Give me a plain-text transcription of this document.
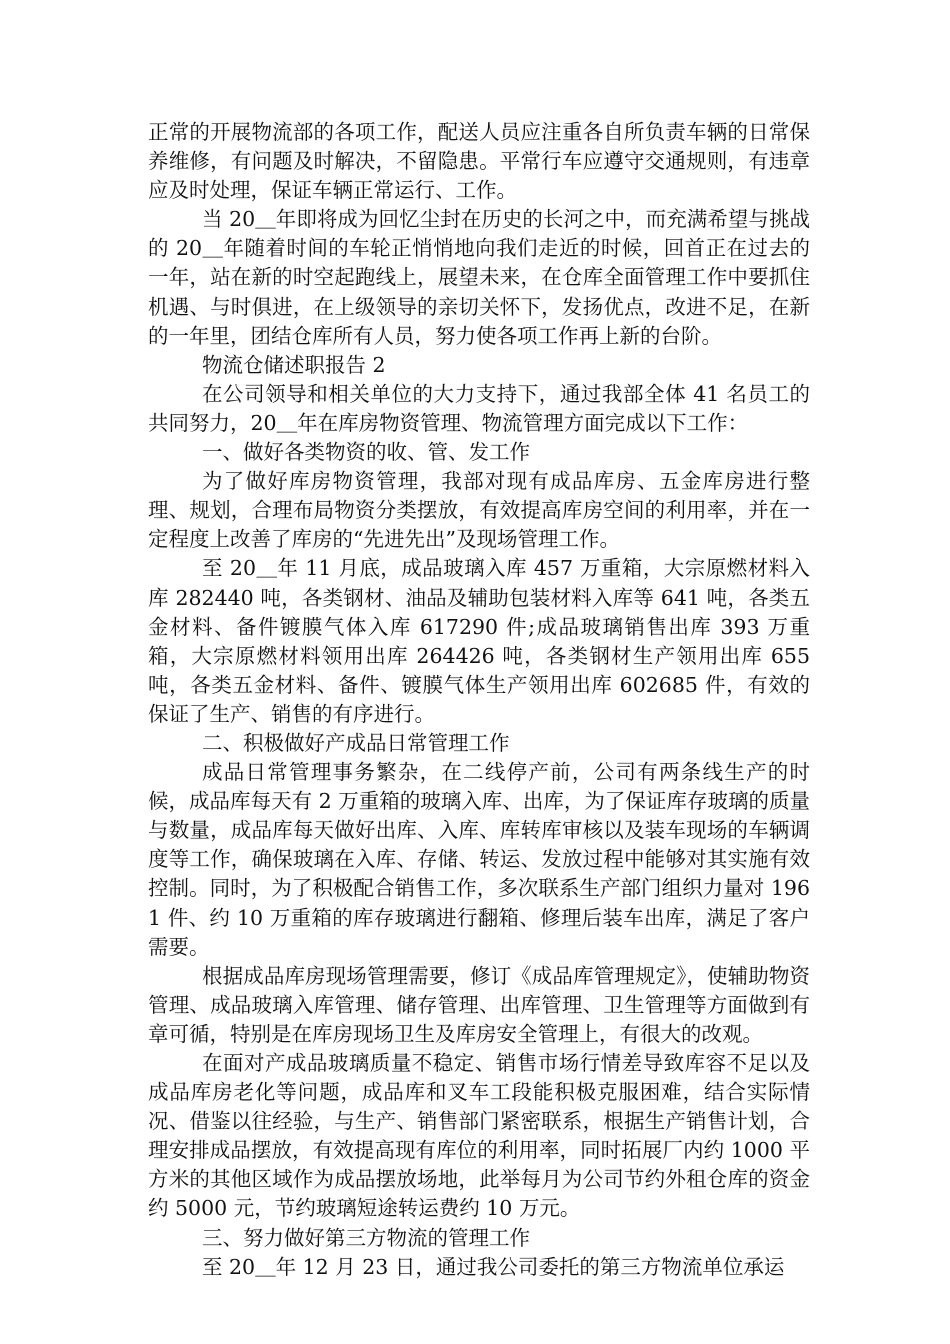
正常的开展物流部的各项工作，配送人员应注重各自所负责车辆的日常保养维修，有问题及时解决，不留隐患。平常行车应遵守交通规则，有违章应及时处理，保证车辆正常运行、工作。

当 20＿年即将成为回忆尘封在历史的长河之中，而充满希望与挑战的 20＿年随着时间的车轮正悄悄地向我们走近的时候，回首正在过去的一年，站在新的时空起跑线上，展望未来，在仓库全面管理工作中要抓住机遇、与时俱进，在上级领导的亲切关怀下，发扬优点，改进不足，在新的一年里，团结仓库所有人员，努力使各项工作再上新的台阶。

物流仓储述职报告 2

在公司领导和相关单位的大力支持下，通过我部全体 41 名员工的共同努力，20＿年在库房物资管理、物流管理方面完成以下工作：

一、做好各类物资的收、管、发工作

为了做好库房物资管理，我部对现有成品库房、五金库房进行整理、规划，合理布局物资分类摆放，有效提高库房空间的利用率，并在一定程度上改善了库房的“先进先出”及现场管理工作。

至 20＿年 11 月底，成品玻璃入库 457 万重箱，大宗原燃材料入库 282440 吨，各类钢材、油品及辅助包装材料入库等 641 吨，各类五金材料、备件镀膜气体入库 617290 件;成品玻璃销售出库 393 万重箱，大宗原燃材料领用出库 264426 吨，各类钢材生产领用出库 655 吨，各类五金材料、备件、镀膜气体生产领用出库 602685 件，有效的保证了生产、销售的有序进行。

二、积极做好产成品日常管理工作

成品日常管理事务繁杂，在二线停产前，公司有两条线生产的时候，成品库每天有 2 万重箱的玻璃入库、出库，为了保证库存玻璃的质量与数量，成品库每天做好出库、入库、库转库审核以及装车现场的车辆调度等工作，确保玻璃在入库、存储、转运、发放过程中能够对其实施有效控制。同时，为了积极配合销售工作，多次联系生产部门组织力量对 1961 件、约 10 万重箱的库存玻璃进行翻箱、修理后装车出库，满足了客户需要。

根据成品库房现场管理需要，修订《成品库管理规定》，使辅助物资管理、成品玻璃入库管理、储存管理、出库管理、卫生管理等方面做到有章可循，特别是在库房现场卫生及库房安全管理上，有很大的改观。

在面对产成品玻璃质量不稳定、销售市场行情差导致库容不足以及成品库房老化等问题，成品库和叉车工段能积极克服困难，结合实际情况、借鉴以往经验，与生产、销售部门紧密联系，根据生产销售计划，合理安排成品摆放，有效提高现有库位的利用率，同时拓展厂内约 1000 平方米的其他区域作为成品摆放场地，此举每月为公司节约外租仓库的资金约 5000 元，节约玻璃短途转运费约 10 万元。

三、努力做好第三方物流的管理工作

至 20＿年 12 月 23 日，通过我公司委托的第三方物流单位承运
